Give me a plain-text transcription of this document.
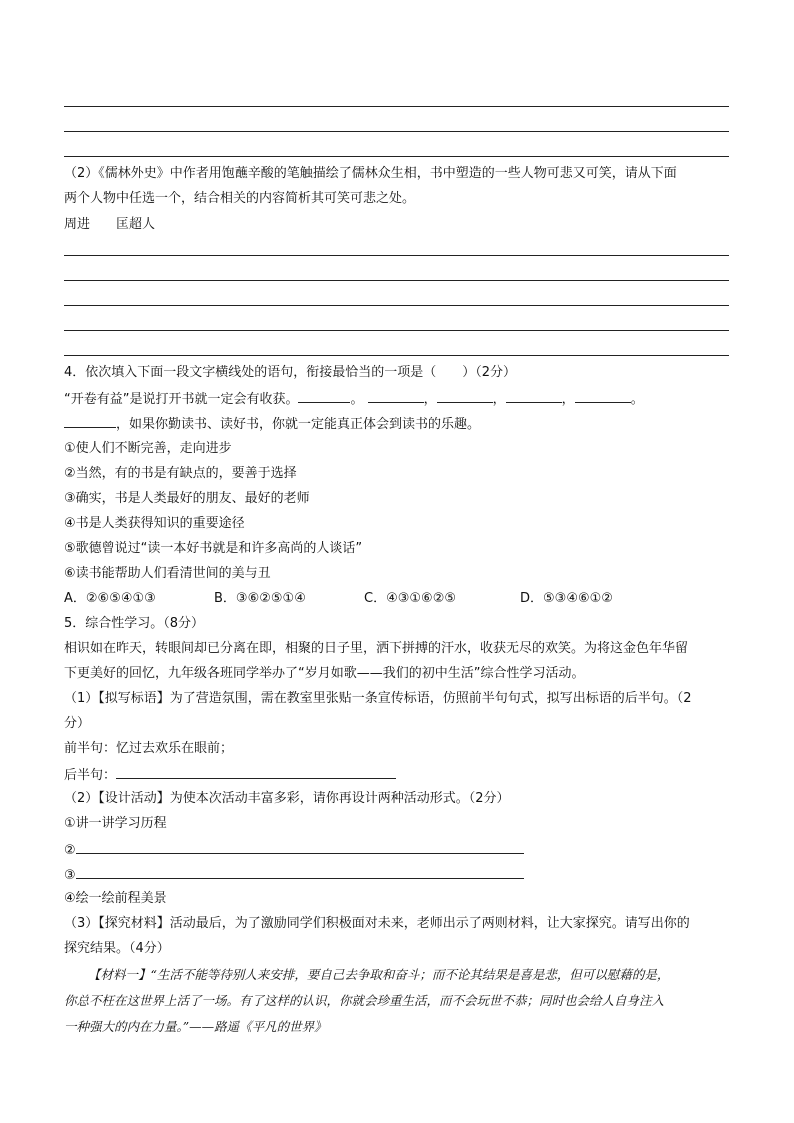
（2）《儒林外史》中作者用饱蘸辛酸的笔触描绘了儒林众生相，书中塑造的一些人物可悲又可笑，请从下面
两个人物中任选一个，结合相关的内容简析其可笑可悲之处。
周进　　匡超人
4．依次填入下面一段文字横线处的语句，衔接最恰当的一项是（　　）（2分）
“开卷有益”是说打开书就一定会有收获。	。	，	，	，	。
，如果你勤读书、读好书，你就一定能真正体会到读书的乐趣。
①使人们不断完善，走向进步
②当然，有的书是有缺点的，要善于选择
③确实，书是人类最好的朋友、最好的老师
④书是人类获得知识的重要途径
⑤歌德曾说过“读一本好书就是和许多高尚的人谈话”
⑥读书能帮助人们看清世间的美与丑
A．②⑥⑤④①③	B．③⑥②⑤①④	C．④③①⑥②⑤	D．⑤③④⑥①②
5．综合性学习。（8分）
相识如在昨天，转眼间却已分离在即，相聚的日子里，洒下拼搏的汗水，收获无尽的欢笑。为将这金色年华留
下更美好的回忆，九年级各班同学举办了“岁月如歌——我们的初中生活”综合性学习活动。
（1）【拟写标语】为了营造氛围，需在教室里张贴一条宣传标语，仿照前半句句式，拟写出标语的后半句。（2
分）
前半句：忆过去欢乐在眼前；
后半句：
（2）【设计活动】为使本次活动丰富多彩，请你再设计两种活动形式。（2分）
①讲一讲学习历程
②
③
④绘一绘前程美景
（3）【探究材料】活动最后，为了激励同学们积极面对未来，老师出示了两则材料，让大家探究。请写出你的
探究结果。（4分）
【材料一】“生活不能等待别人来安排，要自己去争取和奋斗；而不论其结果是喜是悲，但可以慰藉的是，
你总不枉在这世界上活了一场。有了这样的认识，你就会珍重生活，而不会玩世不恭；同时也会给人自身注入
一种强大的内在力量。”——路遥《平凡的世界》
